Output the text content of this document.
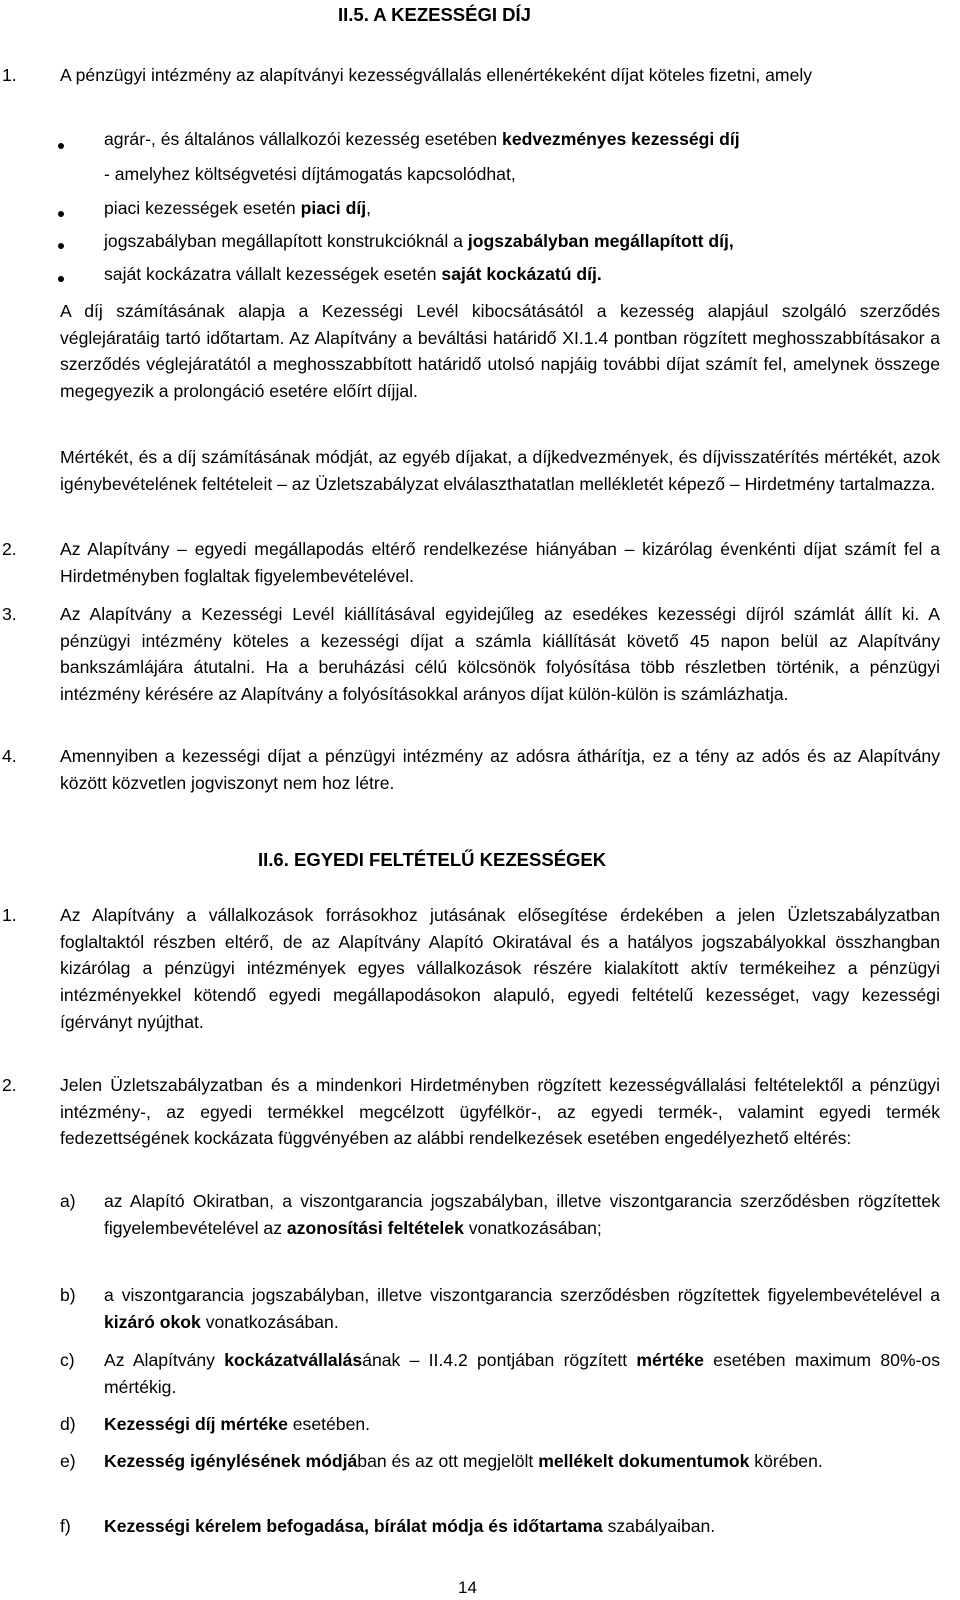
II.5. A KEZESSÉGI DÍJ
1. A pénzügyi intézmény az alapítványi kezességvállalás ellenértékeként díjat köteles fizetni, amely
agrár-, és általános vállalkozói kezesség esetében kedvezményes kezességi díj
- amelyhez költségvetési díjtámogatás kapcsolódhat,
piaci kezességek esetén piaci díj,
jogszabályban megállapított konstrukcióknál a jogszabályban megállapított díj,
saját kockázatra vállalt kezességek esetén saját kockázatú díj.
A díj számításának alapja a Kezességi Levél kibocsátásától a kezesség alapjául szolgáló szerződés véglejáratáig tartó időtartam. Az Alapítvány a beváltási határidő XI.1.4 pontban rögzített meghosszabbításakor a szerződés véglejáratától a meghosszabbított határidő utolsó napjáig további díjat számít fel, amelynek összege megegyezik a prolongáció esetére előírt díjjal.
Mértékét, és a díj számításának módját, az egyéb díjakat, a díjkedvezmények, és díjvisszatérítés mértékét, azok igénybevételének feltételeit – az Üzletszabályzat elválaszthatatlan mellékletét képező – Hirdetmény tartalmazza.
2. Az Alapítvány – egyedi megállapodás eltérő rendelkezése hiányában – kizárólag évenkénti díjat számít fel a Hirdetményben foglaltak figyelembevételével.
3. Az Alapítvány a Kezességi Levél kiállításával egyidejűleg az esedékes kezességi díjról számlát állít ki. A pénzügyi intézmény köteles a kezességi díjat a számla kiállítását követő 45 napon belül az Alapítvány bankszámlájára átutalni. Ha a beruházási célú kölcsönök folyósítása több részletben történik, a pénzügyi intézmény kérésére az Alapítvány a folyósításokkal arányos díjat külön-külön is számlázhatja.
4. Amennyiben a kezességi díjat a pénzügyi intézmény az adósra áthárítja, ez a tény az adós és az Alapítvány között közvetlen jogviszonyt nem hoz létre.
II.6. EGYEDI FELTÉTELŰ KEZESSÉGEK
1. Az Alapítvány a vállalkozások forrásokhoz jutásának elősegítése érdekében a jelen Üzletszabályzatban foglaltaktól részben eltérő, de az Alapítvány Alapító Okiratával és a hatályos jogszabályokkal összhangban kizárólag a pénzügyi intézmények egyes vállalkozások részére kialakított aktív termékeihez a pénzügyi intézményekkel kötendő egyedi megállapodásokon alapuló, egyedi feltételű kezességet, vagy kezességi ígérványt nyújthat.
2. Jelen Üzletszabályzatban és a mindenkori Hirdetményben rögzített kezességvállalási feltételektől a pénzügyi intézmény-, az egyedi termékkel megcélzott ügyfélkör-, az egyedi termék-, valamint egyedi termék fedezettségének kockázata függvényében az alábbi rendelkezések esetében engedélyezhető eltérés:
a) az Alapító Okiratban, a viszontgarancia jogszabályban, illetve viszontgarancia szerződésben rögzítettek figyelembevételével az azonosítási feltételek vonatkozásában;
b) a viszontgarancia jogszabályban, illetve viszontgarancia szerződésben rögzítettek figyelembevételével a kizáró okok vonatkozásában.
c) Az Alapítvány kockázatvállalásának – II.4.2 pontjában rögzített mértéke esetében maximum 80%-os mértékig.
d) Kezességi díj mértéke esetében.
e) Kezesség igénylésének módjában és az ott megjelölt mellékelt dokumentumok körében.
f) Kezességi kérelem befogadása, bírálat módja és időtartama szabályaiban.
14
